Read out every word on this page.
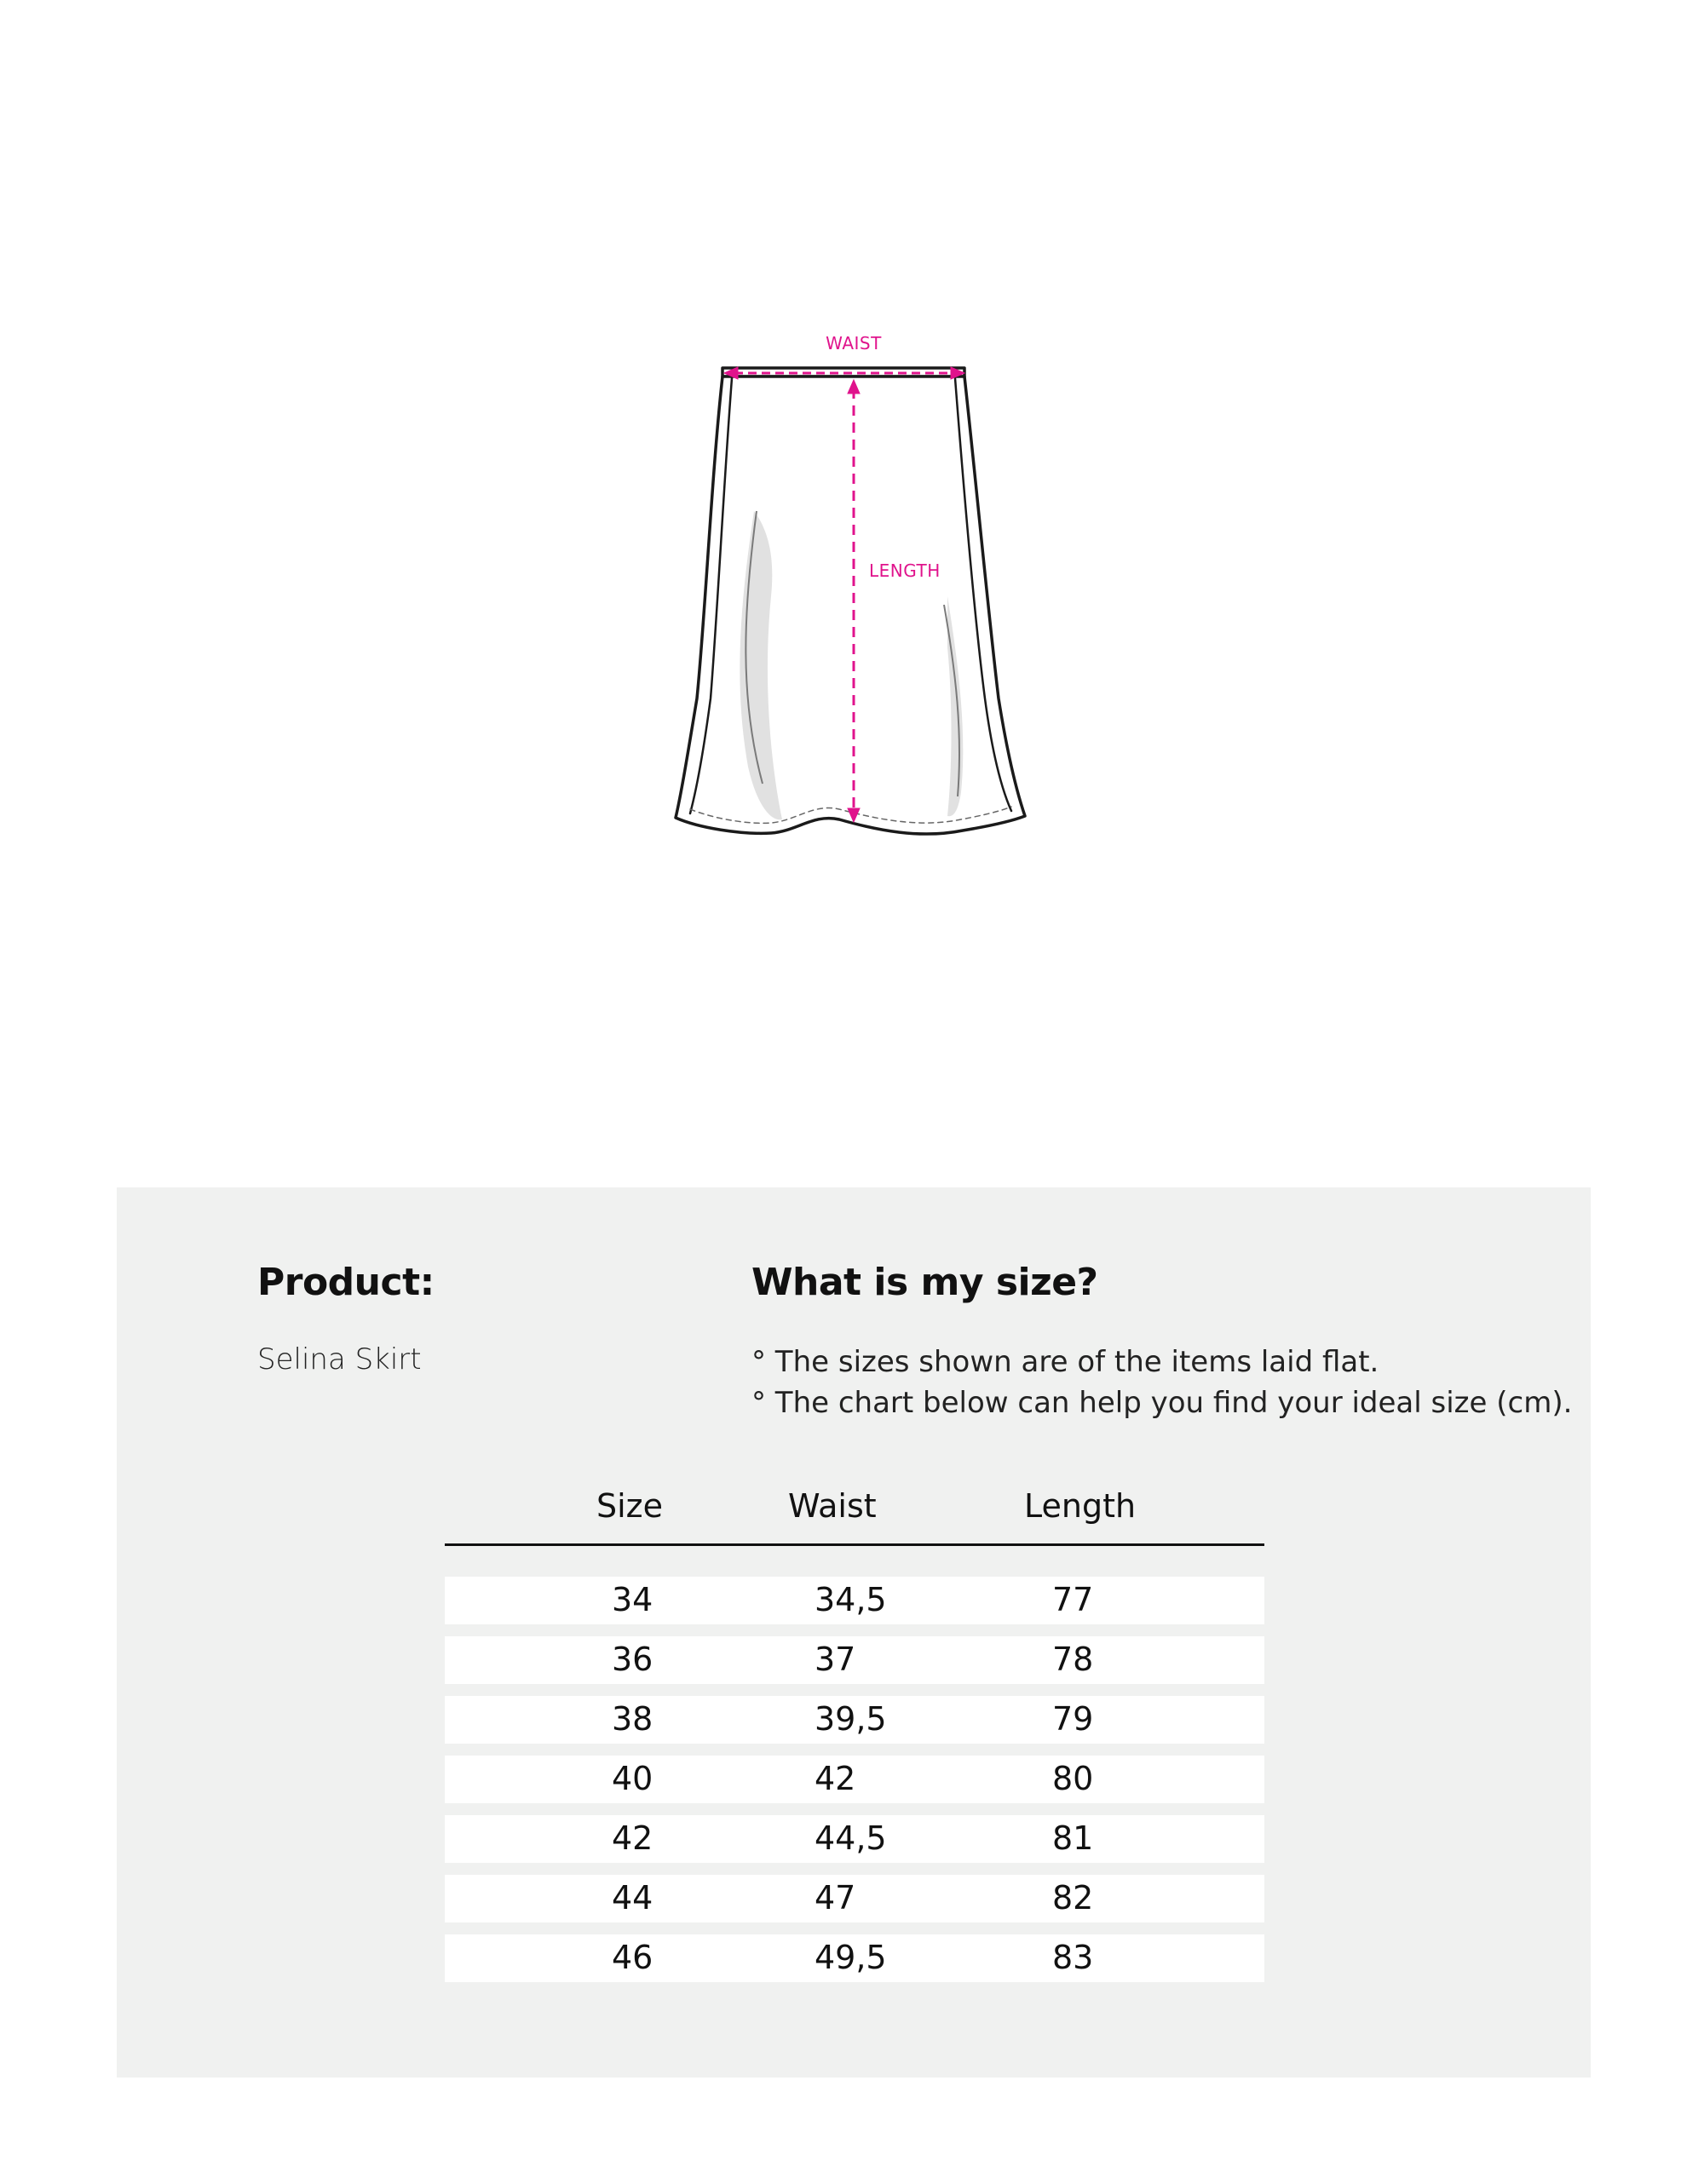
WAIST
LENGTH
Product:
Selina Skirt
What is my size?
° The sizes shown are of the items laid flat.
° The chart below can help you find your ideal size (cm).
Size	Waist	Length
34	34,5	77
36	37	78
38	39,5	79
40	42	80
42	44,5	81
44	47	82
46	49,5	83
